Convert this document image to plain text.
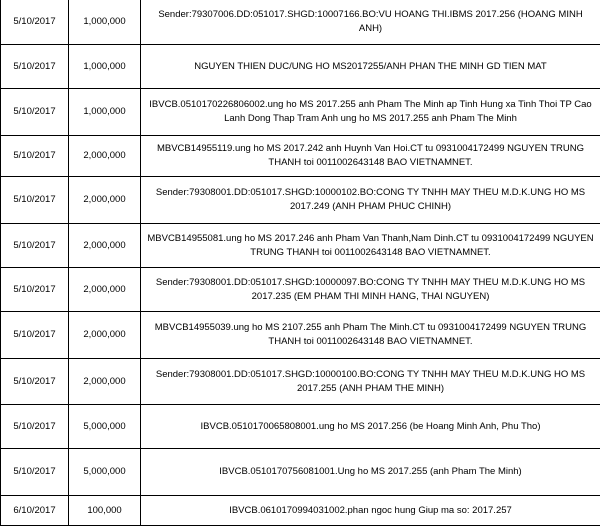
5/10/2017	1,000,000	Sender:79307006.DD:051017.SHGD:10007166.BO:VU HOANG THI.IBMS 2017.256 (HOANG MINH ANH)
5/10/2017	1,000,000	NGUYEN THIEN DUC/UNG HO MS2017255/ANH PHAN THE MINH GD TIEN MAT
5/10/2017	1,000,000	IBVCB.0510170226806002.ung ho MS 2017.255 anh Pham The Minh ap Tinh Hung xa Tinh Thoi TP Cao Lanh Dong Thap Tram Anh ung ho MS 2017.255 anh Pham The Minh
5/10/2017	2,000,000	MBVCB14955119.ung ho MS 2017.242 anh Huynh Van Hoi.CT tu 0931004172499 NGUYEN TRUNG THANH toi 0011002643148 BAO VIETNAMNET.
5/10/2017	2,000,000	Sender:79308001.DD:051017.SHGD:10000102.BO:CONG TY TNHH MAY THEU M.D.K.UNG HO MS 2017.249 (ANH PHAM PHUC CHINH)
5/10/2017	2,000,000	MBVCB14955081.ung ho MS 2017.246 anh Pham Van Thanh,Nam Dinh.CT tu 0931004172499 NGUYEN TRUNG THANH toi 0011002643148 BAO VIETNAMNET.
5/10/2017	2,000,000	Sender:79308001.DD:051017.SHGD:10000097.BO:CONG TY TNHH MAY THEU M.D.K.UNG HO MS 2017.235 (EM PHAM THI MINH HANG, THAI NGUYEN)
5/10/2017	2,000,000	MBVCB14955039.ung ho MS 2107.255 anh Pham The Minh.CT tu 0931004172499 NGUYEN TRUNG THANH toi 0011002643148 BAO VIETNAMNET.
5/10/2017	2,000,000	Sender:79308001.DD:051017.SHGD:10000100.BO:CONG TY TNHH MAY THEU M.D.K.UNG HO MS 2017.255 (ANH PHAM THE MINH)
5/10/2017	5,000,000	IBVCB.0510170065808001.ung ho MS 2017.256 (be Hoang Minh Anh, Phu Tho)
5/10/2017	5,000,000	IBVCB.0510170756081001.Ung ho MS 2017.255 (anh Pham The Minh)
6/10/2017	100,000	IBVCB.0610170994031002.phan ngoc hung Giup ma so: 2017.257
